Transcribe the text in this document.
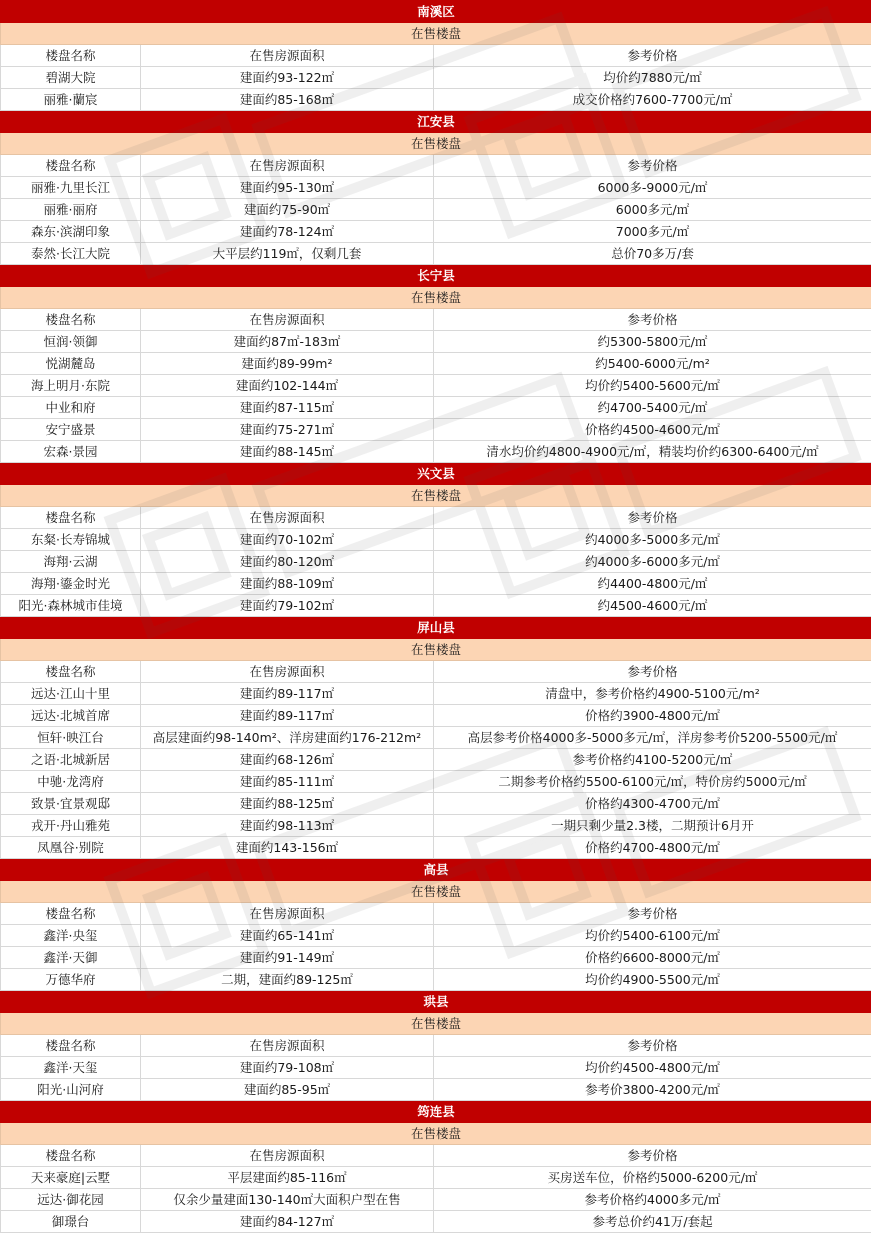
南溪区		
在售楼盘		
楼盘名称	在售房源面积	参考价格
碧湖大院	建面约93-122㎡	均价约7880元/㎡
丽雅·蘭宸	建面约85-168㎡	成交价格约7600-7700元/㎡
江安县		
在售楼盘		
楼盘名称	在售房源面积	参考价格
丽雅·九里长江	建面约95-130㎡	6000多-9000元/㎡
丽雅·丽府	建面约75-90㎡	6000多元/㎡
森东·滨湖印象	建面约78-124㎡	7000多元/㎡
泰然·长江大院	大平层约119㎡，仅剩几套	总价70多万/套
长宁县		
在售楼盘		
楼盘名称	在售房源面积	参考价格
恒润·领御	建面约87㎡-183㎡	约5300-5800元/㎡
悦湖麓岛	建面约89-99m²	约5400-6000元/m²
海上明月·东院	建面约102-144㎡	均价约5400-5600元/㎡
中业和府	建面约87-115㎡	约4700-5400元/㎡
安宁盛景	建面约75-271㎡	价格约4500-4600元/㎡
宏森·景园	建面约88-145㎡	清水均价约4800-4900元/㎡，精装均价约6300-6400元/㎡
兴文县		
在售楼盘		
楼盘名称	在售房源面积	参考价格
东粲·长寿锦城	建面约70-102㎡	约4000多-5000多元/㎡
海翔·云湖	建面约80-120㎡	约4000多-6000多元/㎡
海翔·鎏金时光	建面约88-109㎡	约4400-4800元/㎡
阳光·森林城市佳境	建面约79-102㎡	约4500-4600元/㎡
屏山县		
在售楼盘		
楼盘名称	在售房源面积	参考价格
远达·江山十里	建面约89-117㎡	清盘中，参考价格约4900-5100元/m²
远达·北城首席	建面约89-117㎡	价格约3900-4800元/㎡
恒轩·映江台	高层建面约98-140m²、洋房建面约176-212m²	高层参考价格4000多-5000多元/㎡，洋房参考价5200-5500元/㎡
之语·北城新居	建面约68-126㎡	参考价格约4100-5200元/㎡
中驰·龙湾府	建面约85-111㎡	二期参考价格约5500-6100元/㎡，特价房约5000元/㎡
致景·宜景观邸	建面约88-125㎡	价格约4300-4700元/㎡
戎开·丹山雅苑	建面约98-113㎡	一期只剩少量2.3楼，二期预计6月开
凤凰谷·别院	建面约143-156㎡	价格约4700-4800元/㎡
高县		
在售楼盘		
楼盘名称	在售房源面积	参考价格
鑫洋·央玺	建面约65-141㎡	均价约5400-6100元/㎡
鑫洋·天御	建面约91-149㎡	价格约6600-8000元/㎡
万德华府	二期，建面约89-125㎡	均价约4900-5500元/㎡
珙县		
在售楼盘		
楼盘名称	在售房源面积	参考价格
鑫洋·天玺	建面约79-108㎡	均价约4500-4800元/㎡
阳光·山河府	建面约85-95㎡	参考价3800-4200元/㎡
筠连县		
在售楼盘		
楼盘名称	在售房源面积	参考价格
天来豪庭|云墅	平层建面约85-116㎡	买房送车位，价格约5000-6200元/㎡
远达·御花园	仅余少量建面130-140㎡大面积户型在售	参考价格约4000多元/㎡
御璟台	建面约84-127㎡	参考总价约41万/套起
